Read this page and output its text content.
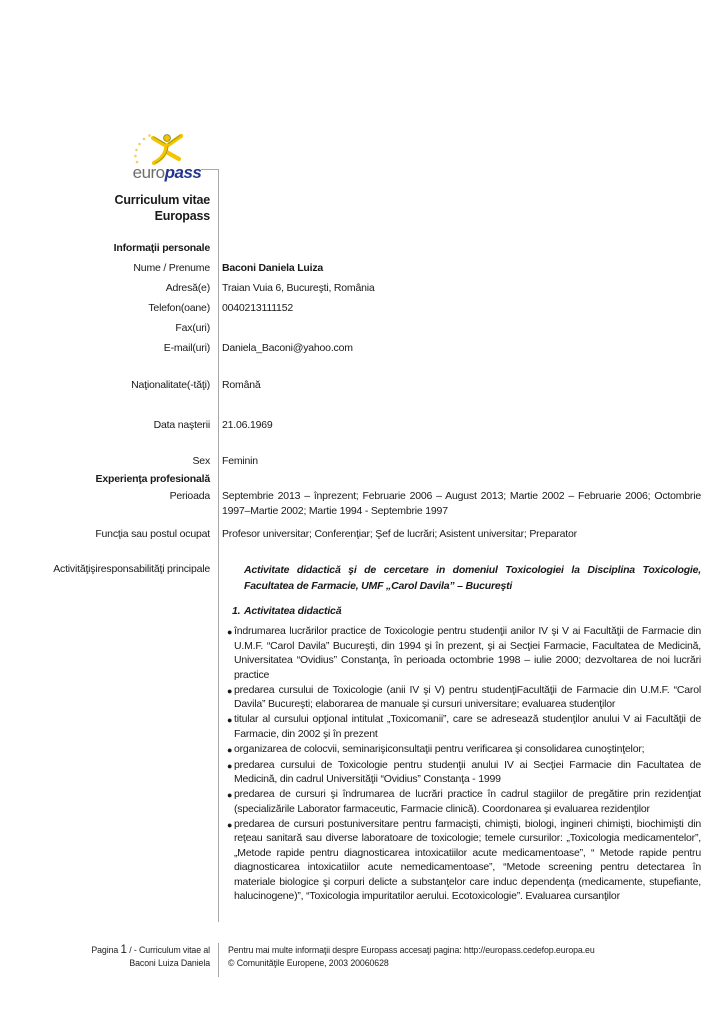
europass
Curriculum vitae
Europass
Informaţii personale
Nume / Prenume Baconi Daniela Luiza
Adresă(e) Traian Vuia 6, Bucureşti, România
Telefon(oane) 0040213111152
Fax(uri)
E-mail(uri) Daniela_Baconi@yahoo.com
Naţionalitate(-tăţi) Română
Data naşterii 21.06.1969
Sex Feminin
Experienţa profesională
Perioada Septembrie 2013 – înprezent; Februarie 2006 – August 2013; Martie 2002 – Februarie 2006; Octombrie 1997–Martie 2002; Martie 1994 - Septembrie 1997
Funcţia sau postul ocupat Profesor universitar; Conferenţiar; Şef de lucrări; Asistent universitar; Preparator
Activităţişiresponsabilităţi principale	Activitate didactică şi de cercetare in domeniul Toxicologiei la Disciplina Toxicologie, Facultatea de Farmacie, UMF „Carol Davila” – Bucureşti
1. Activitatea didactică
● îndrumarea lucrărilor practice de Toxicologie pentru studenţii anilor IV şi V ai Facultăţii de Farmacie din U.M.F. “Carol Davila” Bucureşti, din 1994 şi în prezent, şi ai Secţiei Farmacie, Facultatea de Medicină, Universitatea “Ovidius” Constanţa, în perioada octombrie 1998 – iulie 2000; dezvoltarea de noi lucrări practice
● predarea cursului de Toxicologie (anii IV şi V) pentru studenţiFacultăţii de Farmacie din U.M.F. “Carol Davila” Bucureşti; elaborarea de manuale şi cursuri universitare; evaluarea studenţilor
● titular al cursului opţional intitulat „Toxicomanii”, care se adresează studenţilor anului V ai Facultăţii de Farmacie, din 2002 şi în prezent
● organizarea de colocvii, seminarişiconsultaţii pentru verificarea şi consolidarea cunoştinţelor;
● predarea cursului de Toxicologie pentru studenţii anului IV ai Secţiei Farmacie din Facultatea de Medicină, din cadrul Universităţii “Ovidius” Constanţa - 1999
● predarea de cursuri şi îndrumarea de lucrări practice în cadrul stagiilor de pregătire prin rezidenţiat (specializările Laborator farmaceutic, Farmacie clinică). Coordonarea şi evaluarea rezidenţilor
● predarea de cursuri postuniversitare pentru farmacişti, chimişti, biologi, ingineri chimişti, biochimişti din reţeau sanitară sau diverse laboratoare de toxicologie; temele cursurilor: „Toxicologia medicamentelor”, „Metode rapide pentru diagnosticarea intoxicatiilor acute medicamentoase”, “ Metode rapide pentru diagnosticarea intoxicatiilor acute nemedicamentoase”, “Metode screening pentru detectarea în materiale biologice şi corpuri delicte a substanţelor care induc dependenţa (medicamente, stupefiante, halucinogene)”, “Toxicologia impuritatilor aerului. Ecotoxicologie”. Evaluarea cursanţilor
Pagina 1 / - Curriculum vitae al
Baconi Luiza Daniela
Pentru mai multe informaţii despre Europass accesaţi pagina: http://europass.cedefop.europa.eu
© Comunităţile Europene, 2003 20060628
